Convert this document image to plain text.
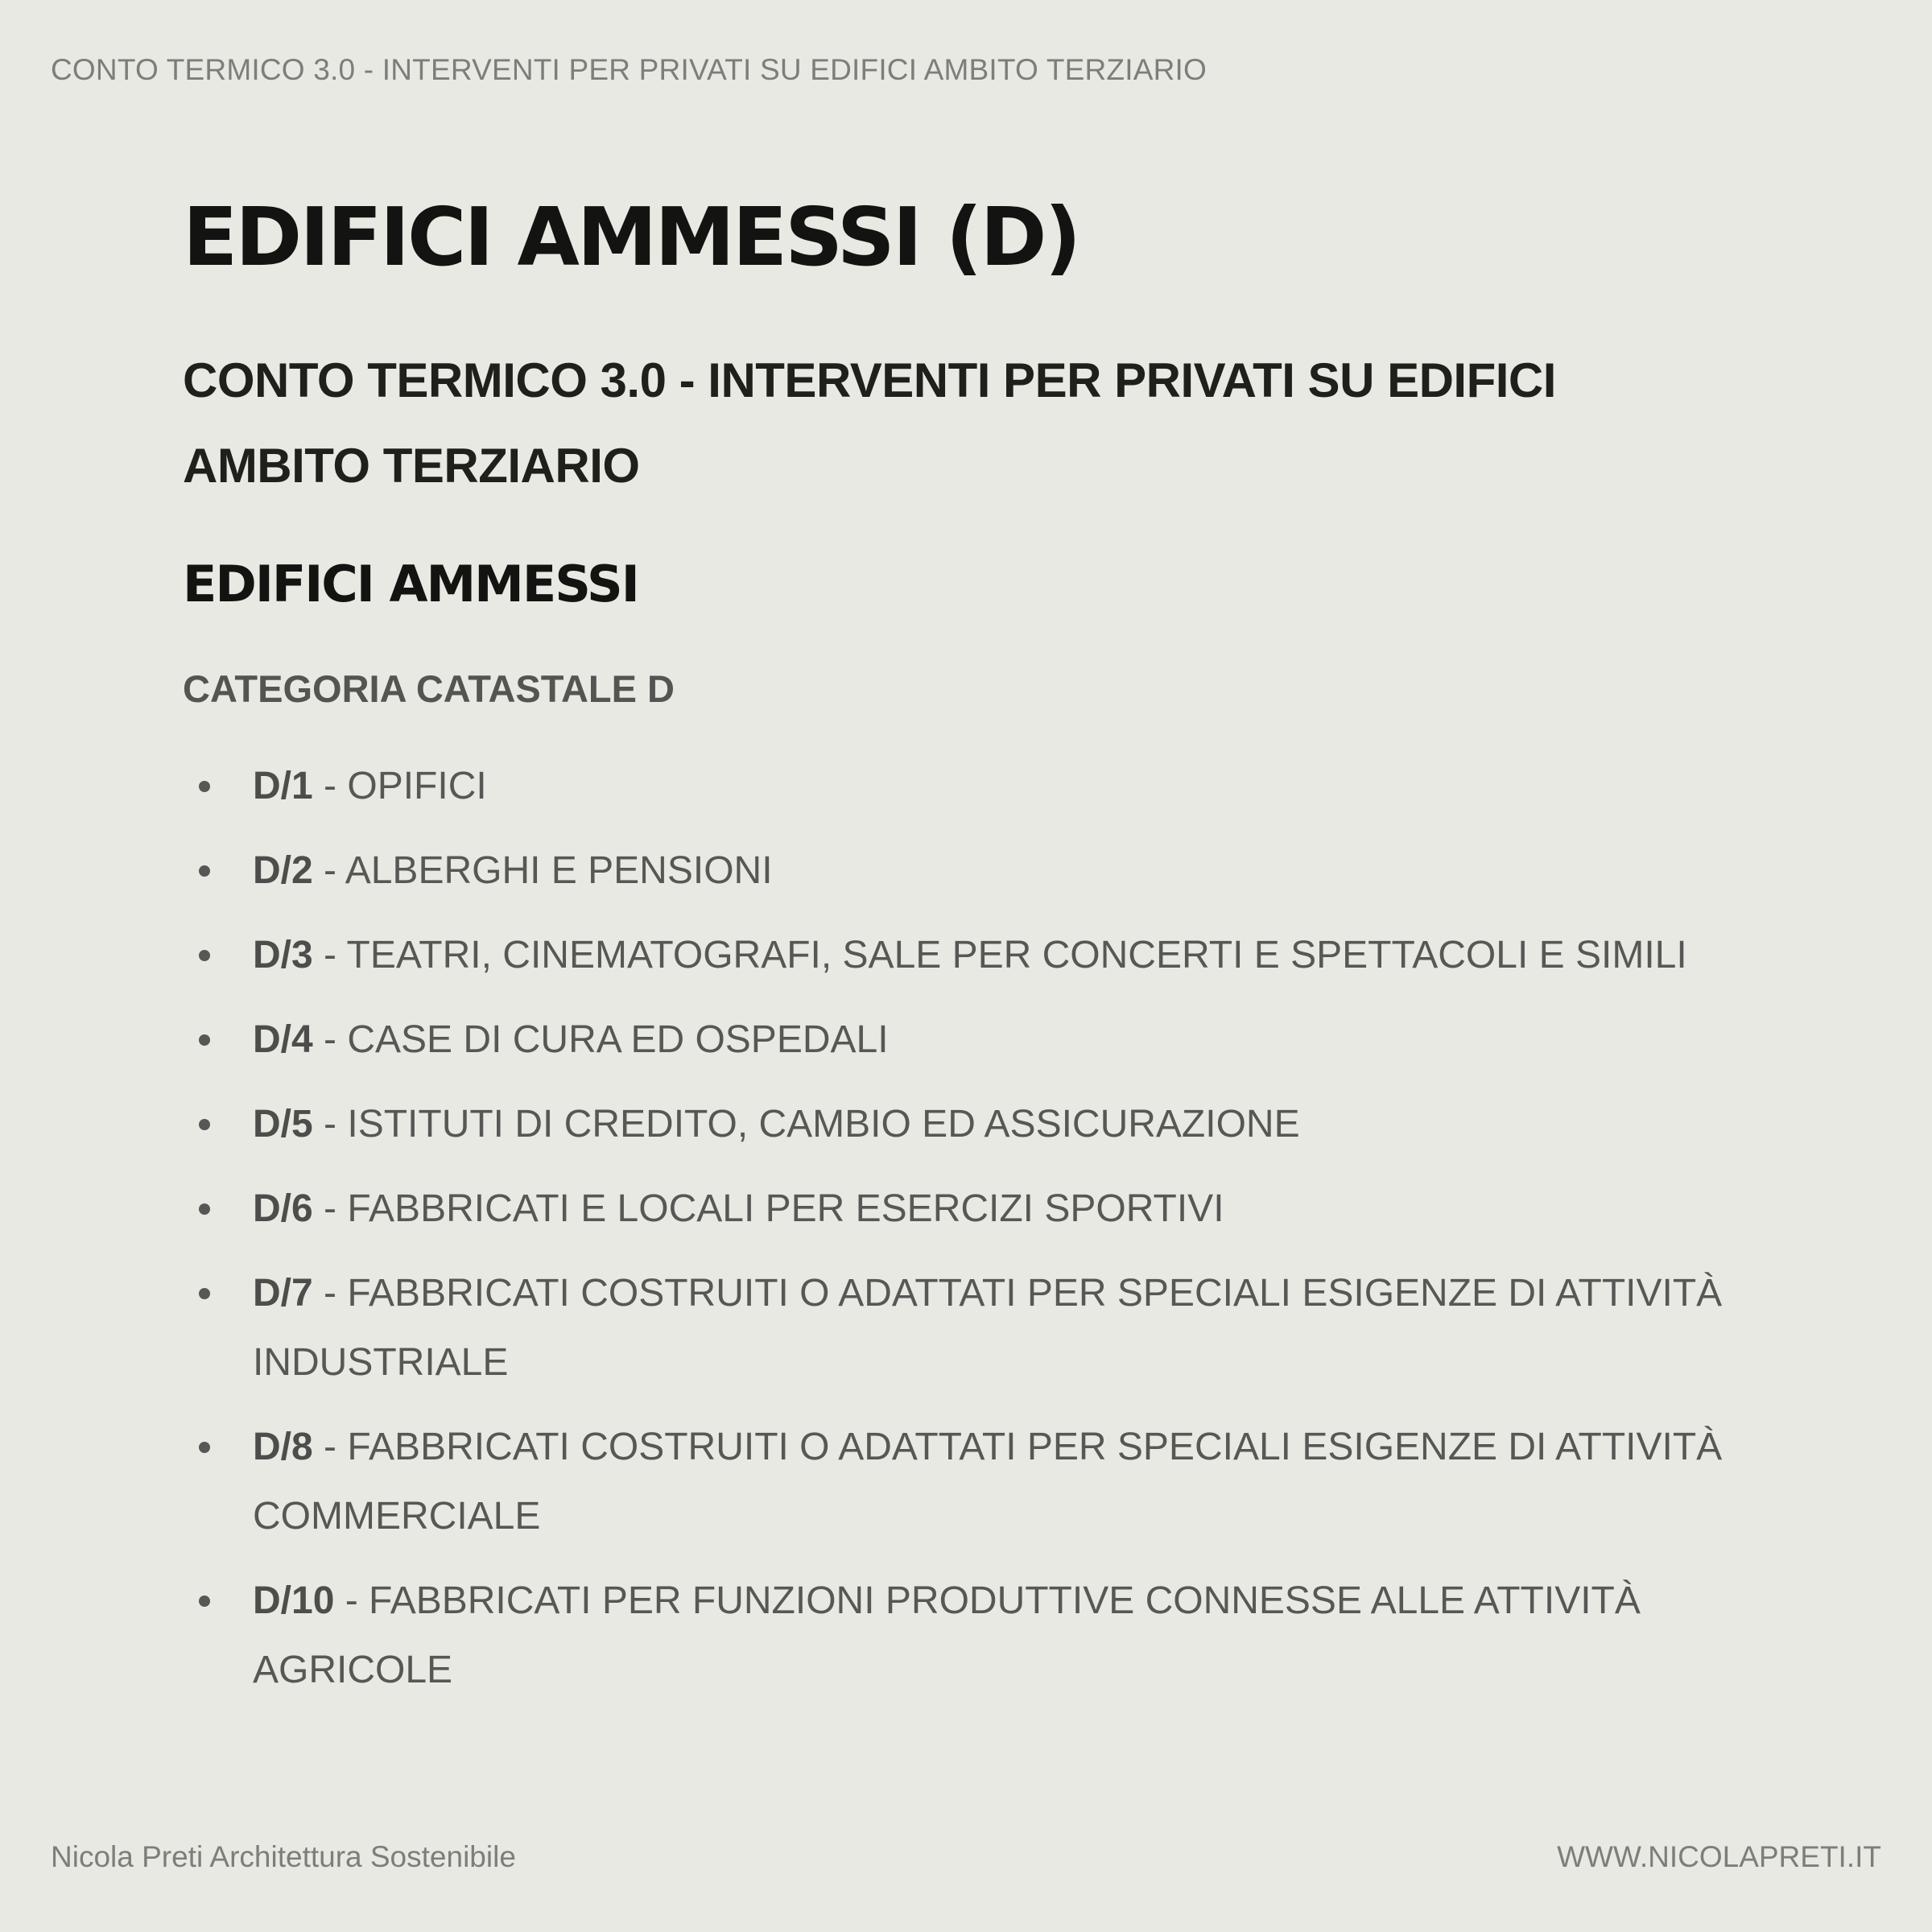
CONTO TERMICO 3.0 - INTERVENTI PER PRIVATI SU EDIFICI AMBITO TERZIARIO
EDIFICI AMMESSI (D)
CONTO TERMICO 3.0 - INTERVENTI PER PRIVATI SU EDIFICI AMBITO TERZIARIO
EDIFICI AMMESSI
CATEGORIA CATASTALE D
D/1 - OPIFICI
D/2 - ALBERGHI E PENSIONI
D/3 - TEATRI, CINEMATOGRAFI, SALE PER CONCERTI E SPETTACOLI E SIMILI
D/4 - CASE DI CURA ED OSPEDALI
D/5 - ISTITUTI DI CREDITO, CAMBIO ED ASSICURAZIONE
D/6 - FABBRICATI E LOCALI PER ESERCIZI SPORTIVI
D/7 - FABBRICATI COSTRUITI O ADATTATI PER SPECIALI ESIGENZE DI ATTIVITÀ INDUSTRIALE
D/8 - FABBRICATI COSTRUITI O ADATTATI PER SPECIALI ESIGENZE DI ATTIVITÀ COMMERCIALE
D/10 - FABBRICATI PER FUNZIONI PRODUTTIVE CONNESSE ALLE ATTIVITÀ AGRICOLE
Nicola Preti Architettura Sostenibile	WWW.NICOLAPRETI.IT
